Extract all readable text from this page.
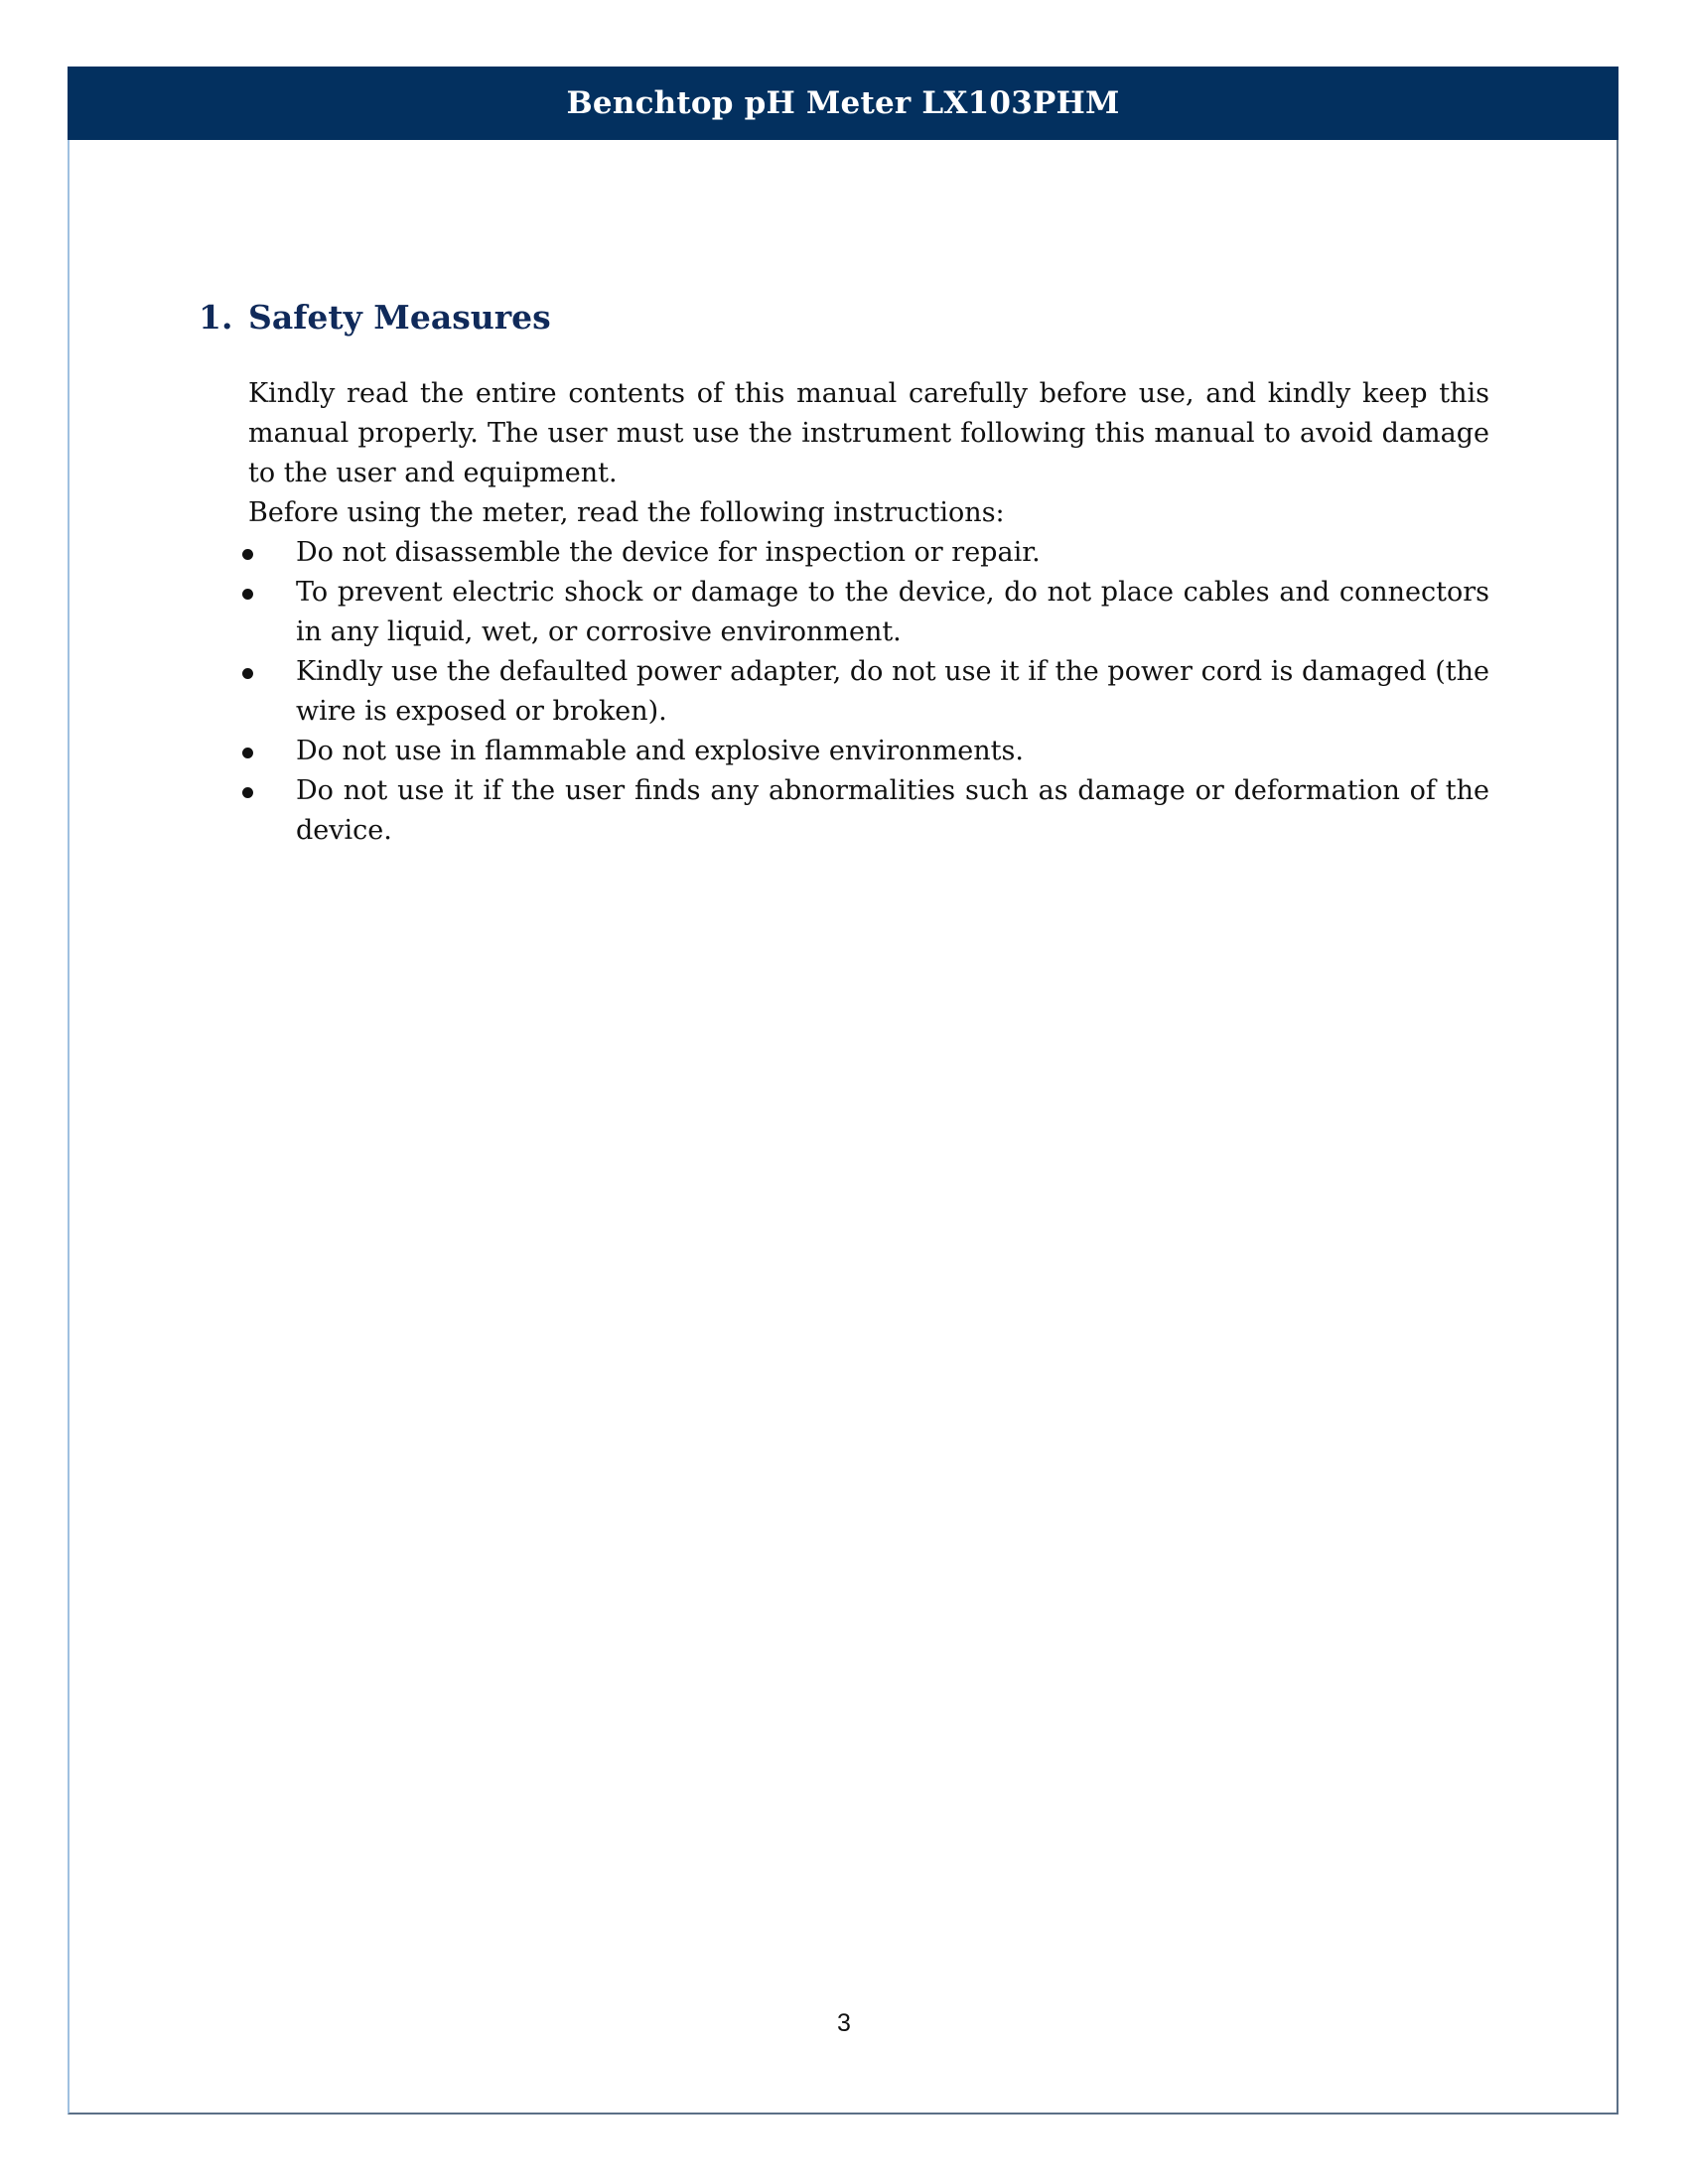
Benchtop pH Meter LX103PHM
1. Safety Measures

Kindly read the entire contents of this manual carefully before use, and kindly keep this manual properly. The user must use the instrument following this manual to avoid damage to the user and equipment.

Before using the meter, read the following instructions:

Do not disassemble the device for inspection or repair.
To prevent electric shock or damage to the device, do not place cables and connectors in any liquid, wet, or corrosive environment.
Kindly use the defaulted power adapter, do not use it if the power cord is damaged (the wire is exposed or broken).
Do not use in flammable and explosive environments.
Do not use it if the user finds any abnormalities such as damage or deformation of the device.
3
